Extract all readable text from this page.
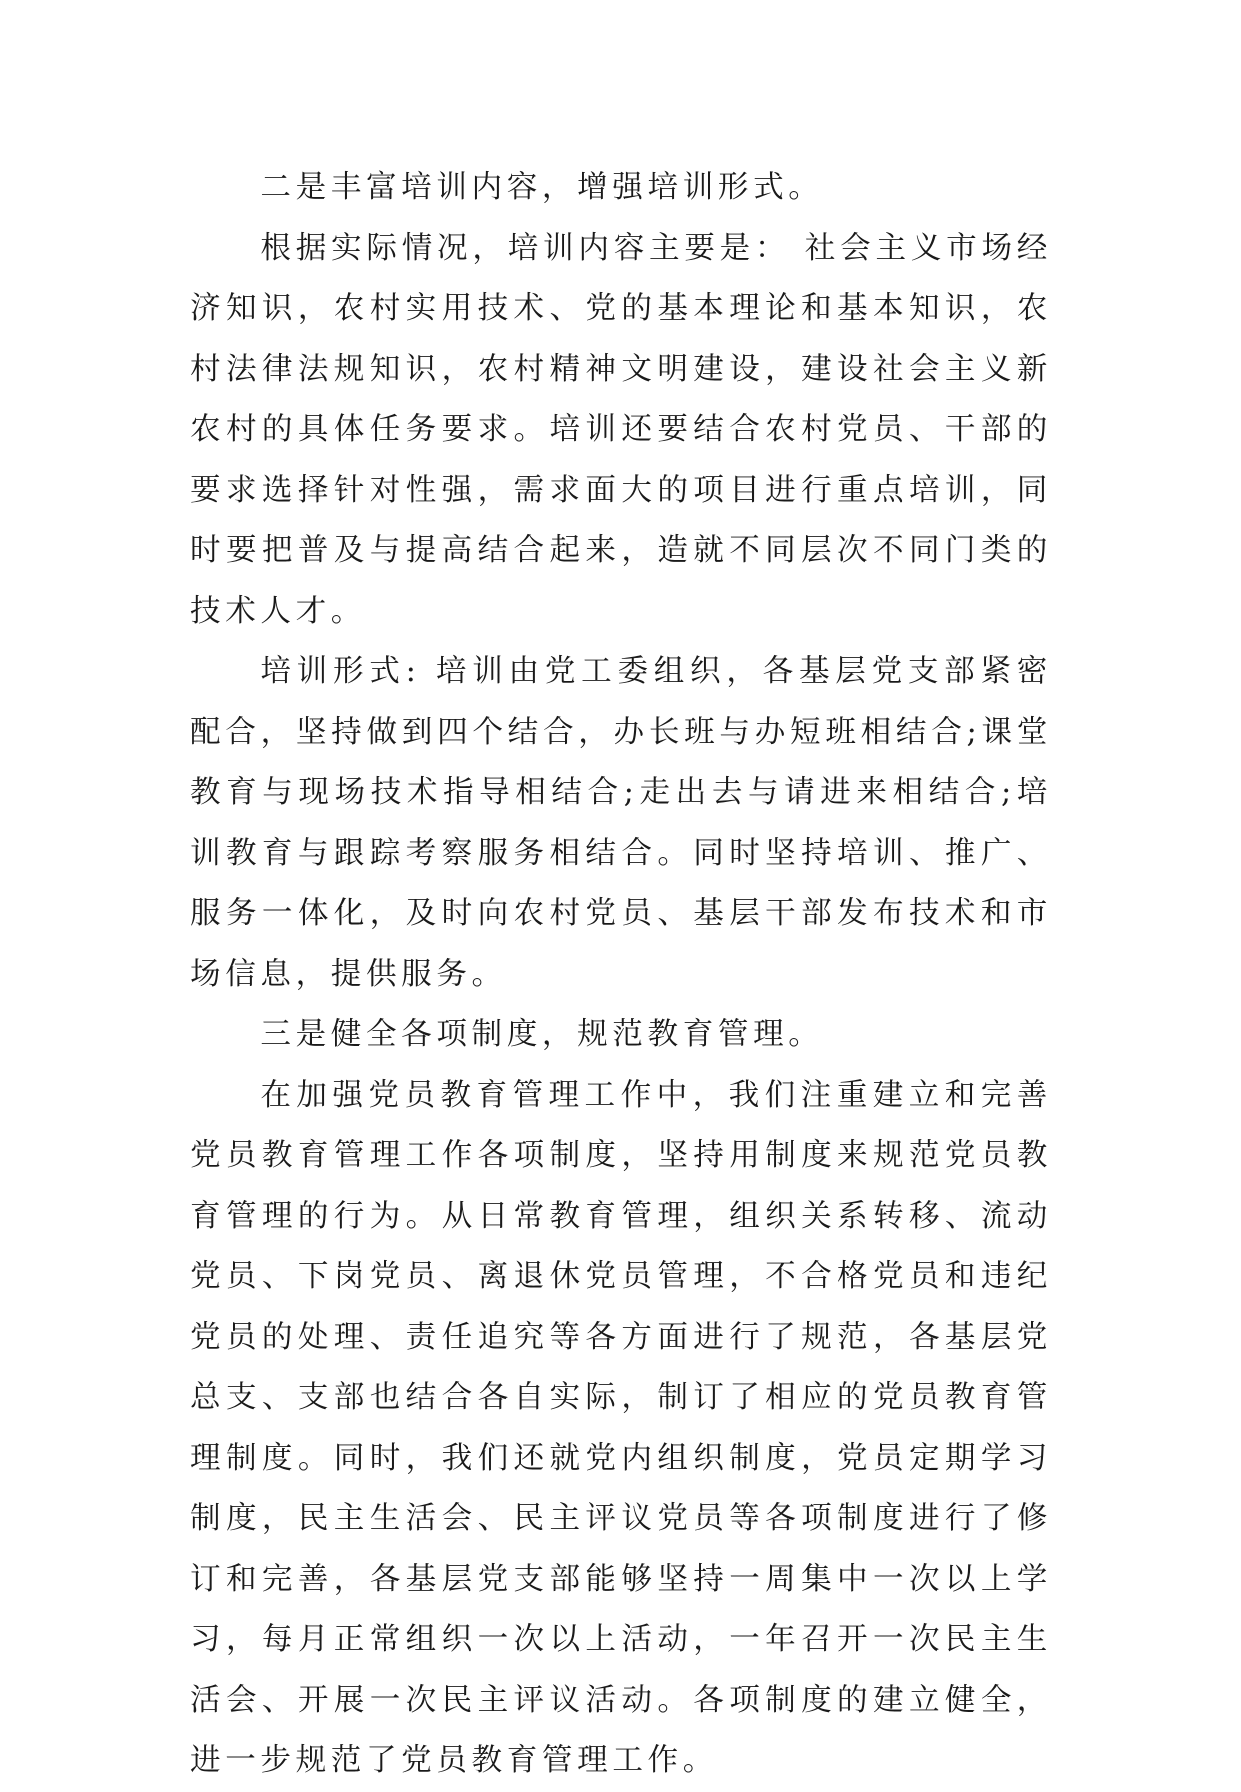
二是丰富培训内容，增强培训形式。

根据实际情况，培训内容主要是： 社会主义市场经济知识，农村实用技术、党的基本理论和基本知识，农村法律法规知识，农村精神文明建设，建设社会主义新农村的具体任务要求。培训还要结合农村党员、干部的要求选择针对性强，需求面大的项目进行重点培训，同时要把普及与提高结合起来，造就不同层次不同门类的技术人才。

培训形式: 培训由党工委组织，各基层党支部紧密配合，坚持做到四个结合，办长班与办短班相结合;课堂教育与现场技术指导相结合;走出去与请进来相结合;培训教育与跟踪考察服务相结合。同时坚持培训、推广、服务一体化，及时向农村党员、基层干部发布技术和市场信息，提供服务。

三是健全各项制度，规范教育管理。

在加强党员教育管理工作中，我们注重建立和完善党员教育管理工作各项制度，坚持用制度来规范党员教育管理的行为。从日常教育管理，组织关系转移、流动党员、下岗党员、离退休党员管理，不合格党员和违纪党员的处理、责任追究等各方面进行了规范，各基层党总支、支部也结合各自实际，制订了相应的党员教育管理制度。同时，我们还就党内组织制度，党员定期学习制度，民主生活会、民主评议党员等各项制度进行了修订和完善，各基层党支部能够坚持一周集中一次以上学习，每月正常组织一次以上活动，一年召开一次民主生活会、开展一次民主评议活动。各项制度的建立健全，进一步规范了党员教育管理工作。
